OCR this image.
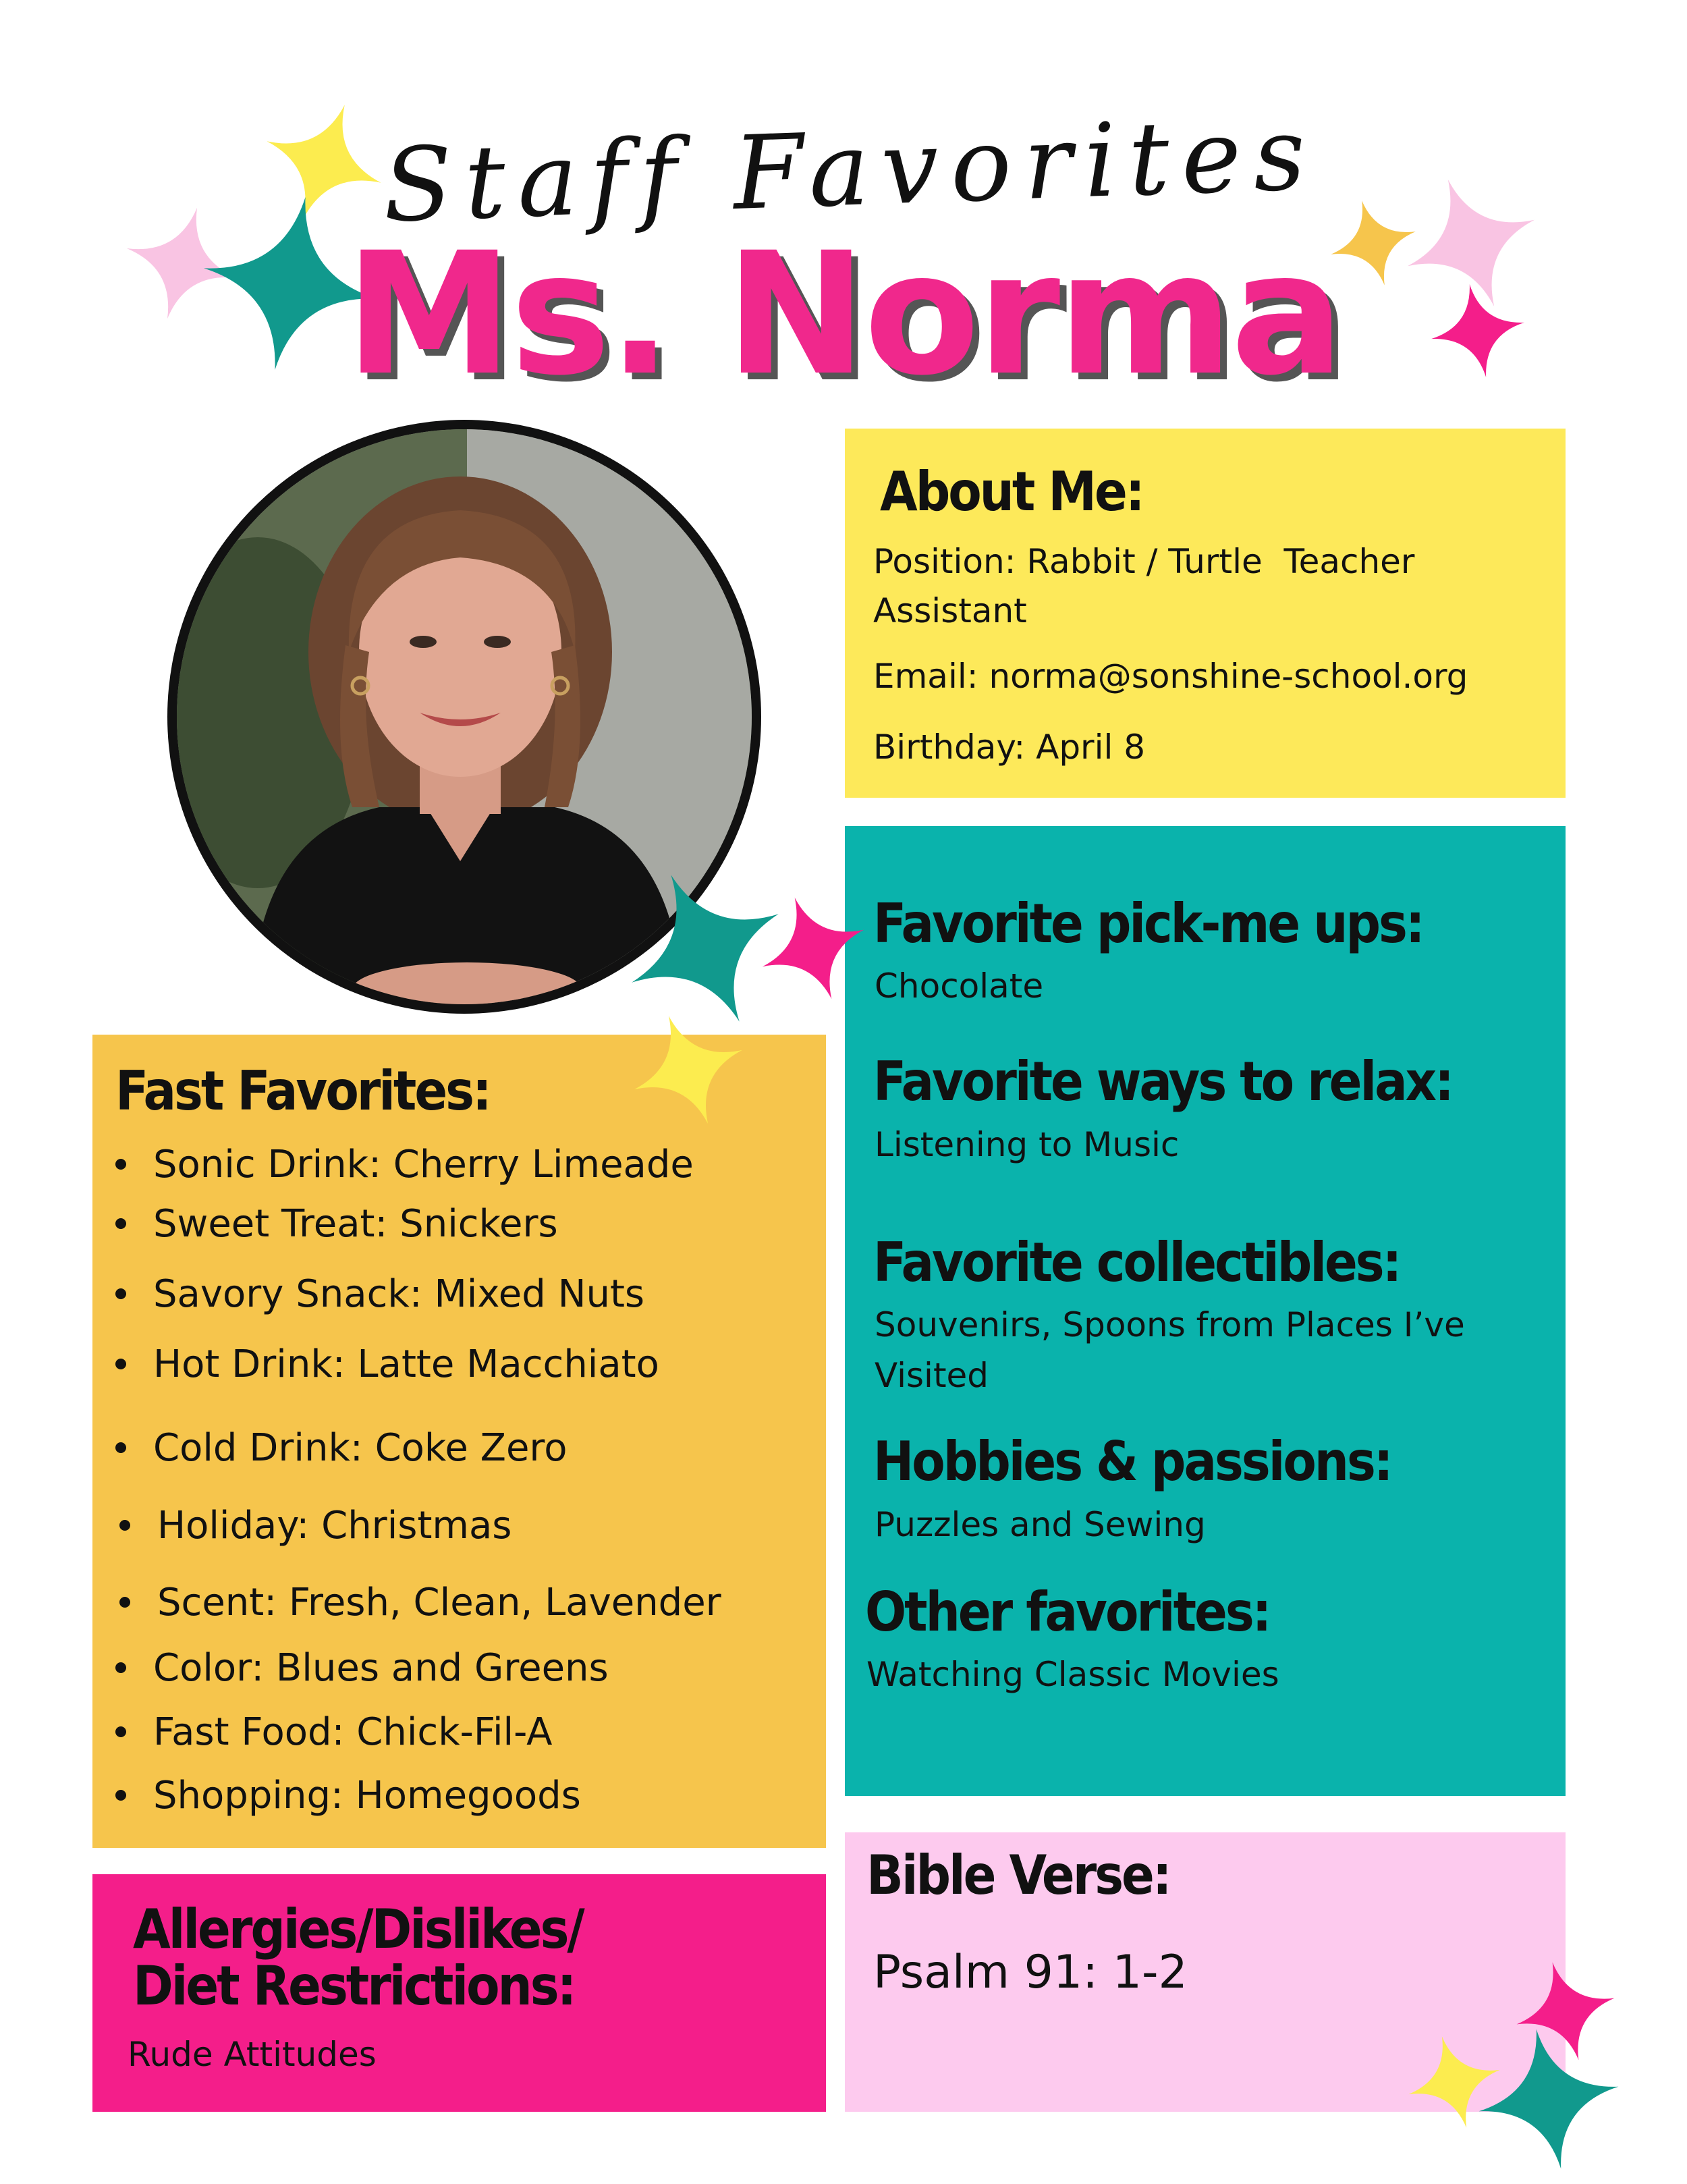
Staff Favorites
Ms. Norma
About Me:

Position: Rabbit / Turtle  Teacher

Assistant

Email: norma@sonshine-school.org

Birthday: April 8

Favorite pick-me ups:

Chocolate

Favorite ways to relax:

Listening to Music

Favorite collectibles:

Souvenirs, Spoons from Places I’ve

Visited

Hobbies & passions:

Puzzles and Sewing

Other favorites:

Watching Classic Movies

Fast Favorites:
Sonic Drink: Cherry Limeade
Sweet Treat: Snickers
Savory Snack: Mixed Nuts
Hot Drink: Latte Macchiato
Cold Drink: Coke Zero
Holiday: Christmas
Scent: Fresh, Clean, Lavender
Color: Blues and Greens
Fast Food: Chick-Fil-A
Shopping: Homegoods
Allergies/Dislikes/
Diet Restrictions:

Rude Attitudes

Bible Verse:

Psalm 91: 1-2
